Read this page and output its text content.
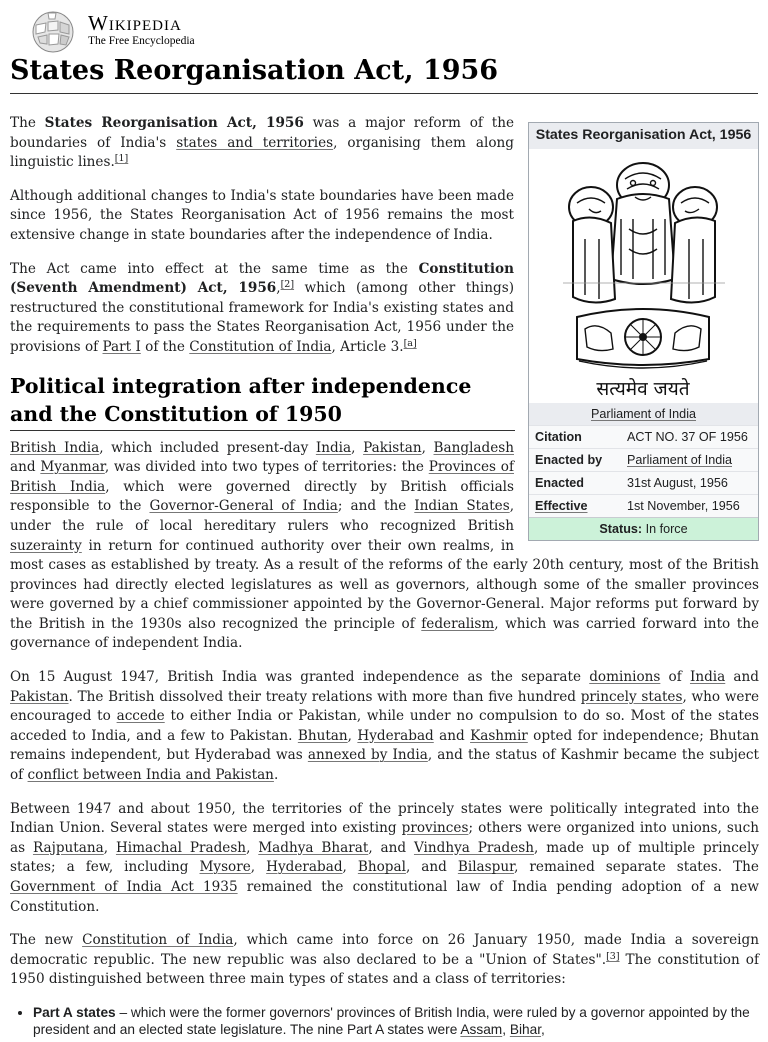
Wikipedia
The Free Encyclopedia
States Reorganisation Act, 1956
States Reorganisation Act, 1956
सत्यमेव जयते
Parliament of India
Citation	ACT NO. 37 OF 1956
Enacted by	Parliament of India
Enacted	31st August, 1956
Effective	1st November, 1956
Status: In force

The States Reorganisation Act, 1956 was a major reform of the boundaries of India's states and territories, organising them along linguistic lines.[1]

Although additional changes to India's state boundaries have been made since 1956, the States Reorganisation Act of 1956 remains the most extensive change in state boundaries after the independence of India.

The Act came into effect at the same time as the Constitution (Seventh Amendment) Act, 1956,[2] which (among other things) restructured the constitutional framework for India's existing states and the requirements to pass the States Reorganisation Act, 1956 under the provisions of Part I of the Constitution of India, Article 3.[a]

Political integration after independence and the Constitution of 1950

British India, which included present-day India, Pakistan, Bangladesh and Myanmar, was divided into two types of territories: the Provinces of British India, which were governed directly by British officials responsible to the Governor-General of India; and the Indian States, under the rule of local hereditary rulers who recognized British suzerainty in return for continued authority over their own realms, in most cases as established by treaty. As a result of the reforms of the early 20th century, most of the British provinces had directly elected legislatures as well as governors, although some of the smaller provinces were governed by a chief commissioner appointed by the Governor-General. Major reforms put forward by the British in the 1930s also recognized the principle of federalism, which was carried forward into the governance of independent India.

On 15 August 1947, British India was granted independence as the separate dominions of India and Pakistan. The British dissolved their treaty relations with more than five hundred princely states, who were encouraged to accede to either India or Pakistan, while under no compulsion to do so. Most of the states acceded to India, and a few to Pakistan. Bhutan, Hyderabad and Kashmir opted for independence; Bhutan remains independent, but Hyderabad was annexed by India, and the status of Kashmir became the subject of conflict between India and Pakistan.

Between 1947 and about 1950, the territories of the princely states were politically integrated into the Indian Union. Several states were merged into existing provinces; others were organized into unions, such as Rajputana, Himachal Pradesh, Madhya Bharat, and Vindhya Pradesh, made up of multiple princely states; a few, including Mysore, Hyderabad, Bhopal, and Bilaspur, remained separate states. The Government of India Act 1935 remained the constitutional law of India pending adoption of a new Constitution.

The new Constitution of India, which came into force on 26 January 1950, made India a sovereign democratic republic. The new republic was also declared to be a "Union of States".[3] The constitution of 1950 distinguished between three main types of states and a class of territories:

• Part A states – which were the former governors' provinces of British India, were ruled by a governor appointed by the president and an elected state legislature. The nine Part A states were Assam, Bihar,
